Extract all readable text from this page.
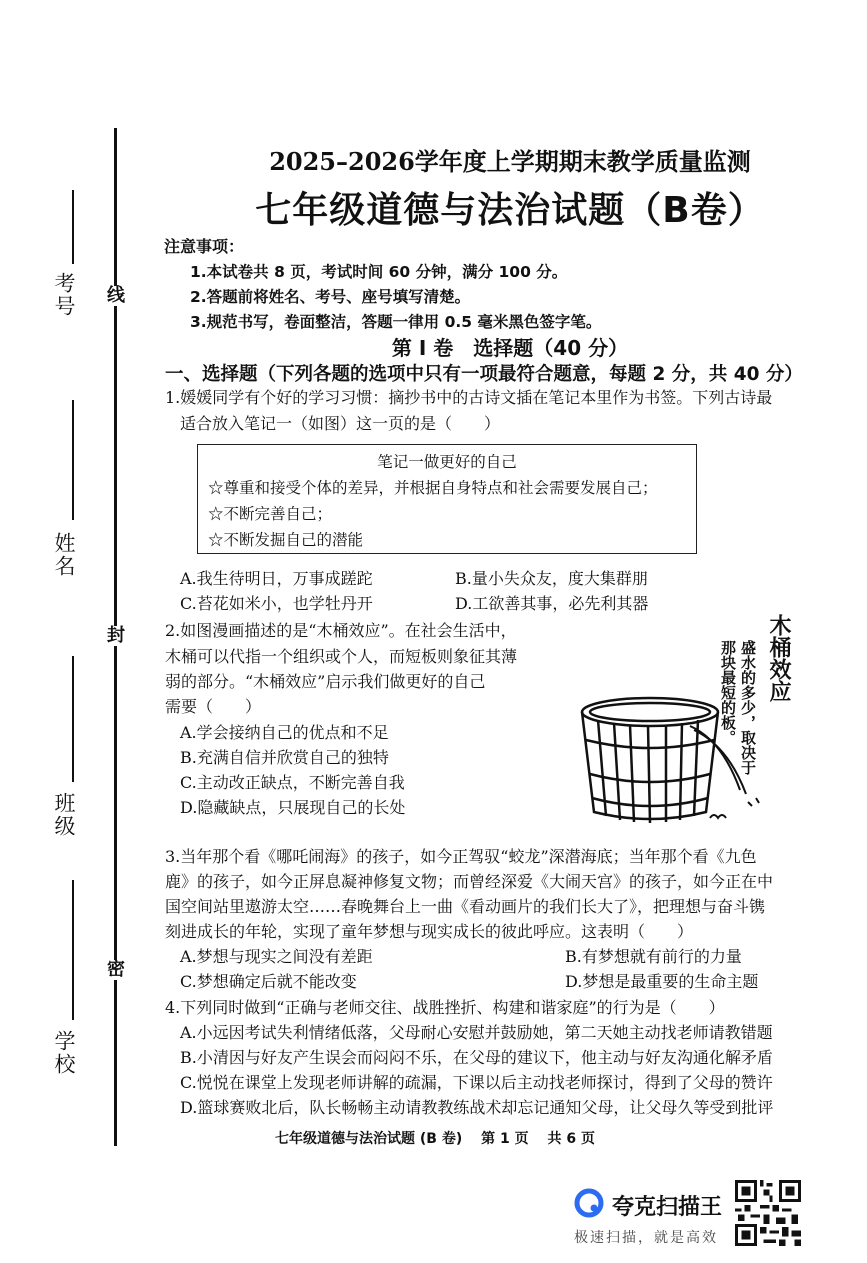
线
封
密
考号
姓名
班级
学校
2025–2026学年度上学期期末教学质量监测
七年级道德与法治试题（B卷）
注意事项：
1.本试卷共 8 页，考试时间 60 分钟，满分 100 分。
2.答题前将姓名、考号、座号填写清楚。
3.规范书写，卷面整洁，答题一律用 0.5 毫米黑色签字笔。
第 Ⅰ 卷　选择题（40 分）
一、选择题（下列各题的选项中只有一项最符合题意，每题 2 分，共 40 分）
1.媛媛同学有个好的学习习惯：摘抄书中的古诗文插在笔记本里作为书签。下列古诗最
适合放入笔记一（如图）这一页的是（　　）
笔记一做更好的自己
☆尊重和接受个体的差异，并根据自身特点和社会需要发展自己；
☆不断完善自己；
☆不断发掘自己的潜能
A.我生待明日，万事成蹉跎	B.量小失众友，度大集群朋
C.苔花如米小，也学牡丹开	D.工欲善其事，必先利其器
2.如图漫画描述的是“木桶效应”。在社会生活中，
木桶可以代指一个组织或个人，而短板则象征其薄
弱的部分。“木桶效应”启示我们做更好的自己
需要（　　）
A.学会接纳自己的优点和不足
B.充满自信并欣赏自己的独特
C.主动改正缺点，不断完善自我
D.隐藏缺点，只展现自己的长处
木桶效应
盛水的多少，取决于 那块最短的板。
3.当年那个看《哪吒闹海》的孩子，如今正驾驭“蛟龙”深潜海底；当年那个看《九色
鹿》的孩子，如今正屏息凝神修复文物；而曾经深爱《大闹天宫》的孩子，如今正在中
国空间站里遨游太空……春晚舞台上一曲《看动画片的我们长大了》，把理想与奋斗镌
刻进成长的年轮，实现了童年梦想与现实成长的彼此呼应。这表明（　　）
A.梦想与现实之间没有差距	B.有梦想就有前行的力量
C.梦想确定后就不能改变	D.梦想是最重要的生命主题
4.下列同时做到“正确与老师交往、战胜挫折、构建和谐家庭”的行为是（　　）
A.小远因考试失利情绪低落，父母耐心安慰并鼓励她，第二天她主动找老师请教错题
B.小清因与好友产生误会而闷闷不乐，在父母的建议下，他主动与好友沟通化解矛盾
C.悦悦在课堂上发现老师讲解的疏漏，下课以后主动找老师探讨，得到了父母的赞许
D.篮球赛败北后，队长畅畅主动请教教练战术却忘记通知父母，让父母久等受到批评
七年级道德与法治试题 (B 卷)　 第 1 页　 共 6 页
夸克扫描王
极速扫描，就是高效
